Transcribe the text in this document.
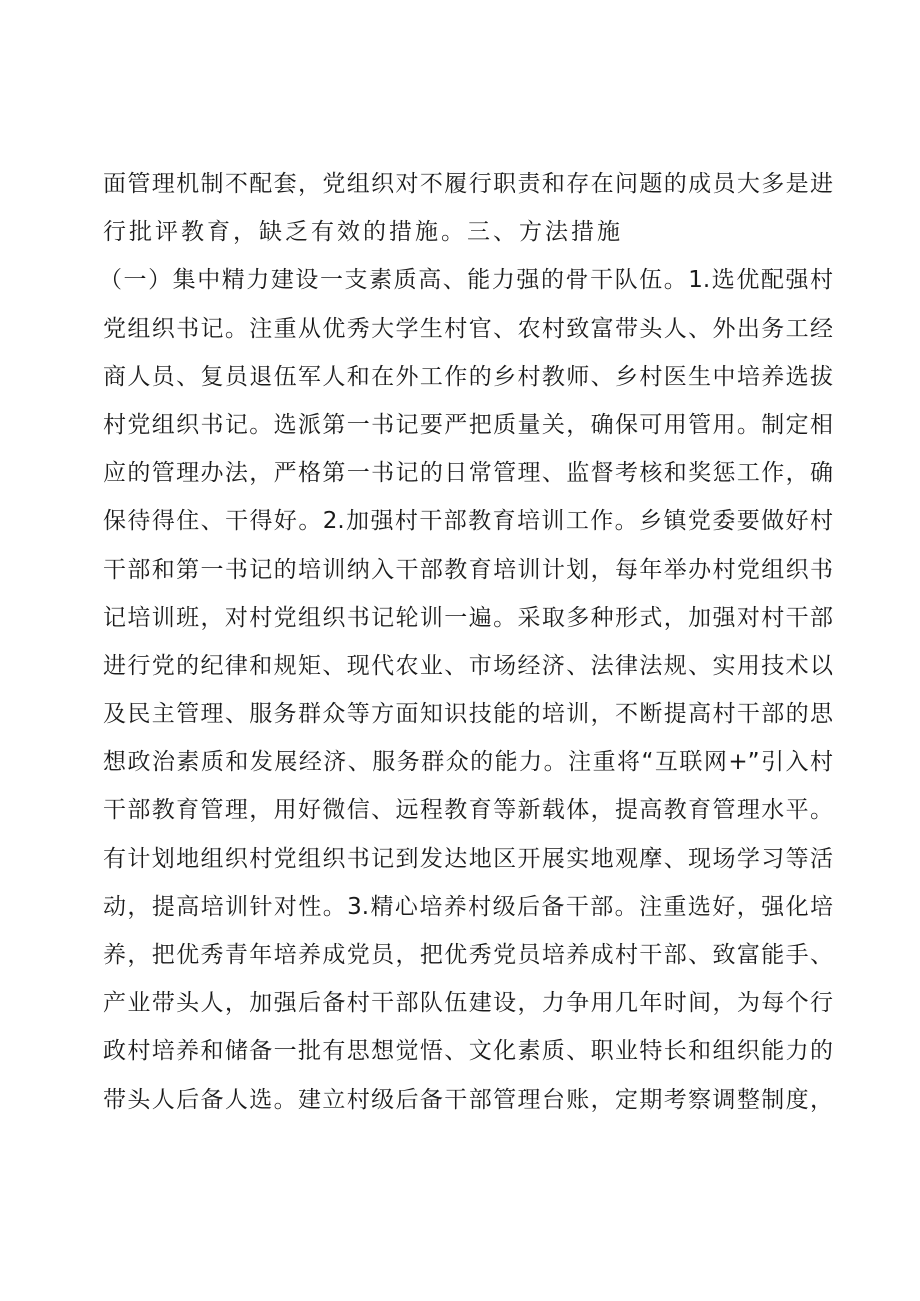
面管理机制不配套，党组织对不履行职责和存在问题的成员大多是进
行批评教育，缺乏有效的措施。三、方法措施
（一）集中精力建设一支素质高、能力强的骨干队伍。1.选优配强村
党组织书记。注重从优秀大学生村官、农村致富带头人、外出务工经
商人员、复员退伍军人和在外工作的乡村教师、乡村医生中培养选拔
村党组织书记。选派第一书记要严把质量关，确保可用管用。制定相
应的管理办法，严格第一书记的日常管理、监督考核和奖惩工作，确
保待得住、干得好。2.加强村干部教育培训工作。乡镇党委要做好村
干部和第一书记的培训纳入干部教育培训计划，每年举办村党组织书
记培训班，对村党组织书记轮训一遍。采取多种形式，加强对村干部
进行党的纪律和规矩、现代农业、市场经济、法律法规、实用技术以
及民主管理、服务群众等方面知识技能的培训，不断提高村干部的思
想政治素质和发展经济、服务群众的能力。注重将“互联网+”引入村
干部教育管理，用好微信、远程教育等新载体，提高教育管理水平。
有计划地组织村党组织书记到发达地区开展实地观摩、现场学习等活
动，提高培训针对性。3.精心培养村级后备干部。注重选好，强化培
养，把优秀青年培养成党员，把优秀党员培养成村干部、致富能手、
产业带头人，加强后备村干部队伍建设，力争用几年时间，为每个行
政村培养和储备一批有思想觉悟、文化素质、职业特长和组织能力的
带头人后备人选。建立村级后备干部管理台账，定期考察调整制度，
